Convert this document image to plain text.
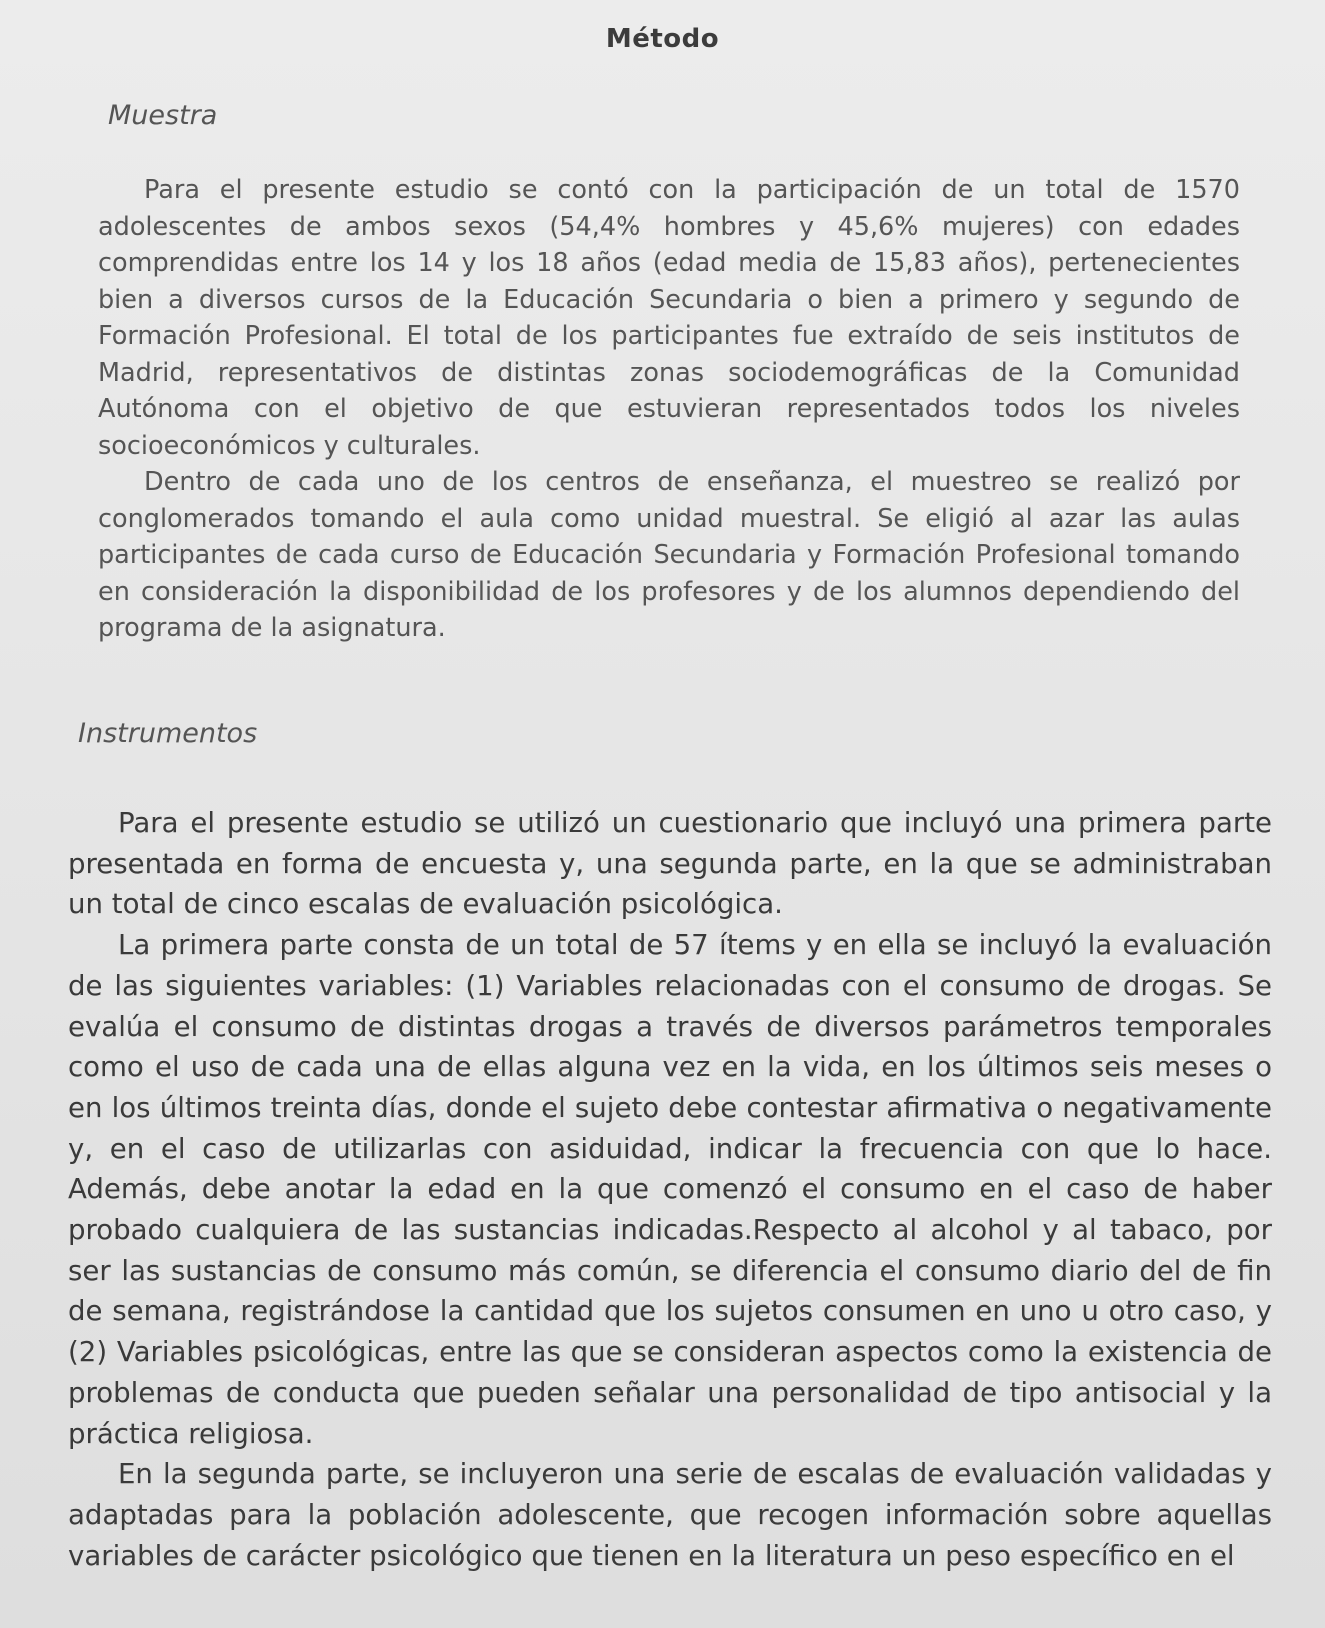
Método
Muestra

Para el presente estudio se contó con la participación de un total de 1570 adolescentes de ambos sexos (54,4% hombres y 45,6% mujeres) con edades comprendidas entre los 14 y los 18 años (edad media de 15,83 años), pertenecientes bien a diversos cursos de la Educación Secundaria o bien a primero y segundo de Formación Profesional. El total de los participantes fue extraído de seis institutos de Madrid, representativos de distintas zonas sociodemográficas de la Comunidad Autónoma con el objetivo de que estuvieran representados todos los niveles socioeconómicos y culturales.

Dentro de cada uno de los centros de enseñanza, el muestreo se realizó por conglomerados tomando el aula como unidad muestral. Se eligió al azar las aulas participantes de cada curso de Educación Secundaria y Formación Profesional tomando en consideración la disponibilidad de los profesores y de los alumnos dependiendo del programa de la asignatura.

Instrumentos

Para el presente estudio se utilizó un cuestionario que incluyó una primera parte presentada en forma de encuesta y, una segunda parte, en la que se administraban un total de cinco escalas de evaluación psicológica.

La primera parte consta de un total de 57 ítems y en ella se incluyó la evaluación de las siguientes variables: (1) Variables relacionadas con el consumo de drogas. Se evalúa el consumo de distintas drogas a través de diversos parámetros temporales como el uso de cada una de ellas alguna vez en la vida, en los últimos seis meses o en los últimos treinta días, donde el sujeto debe contestar afirmativa o negativamente y, en el caso de utilizarlas con asiduidad, indicar la frecuencia con que lo hace. Además, debe anotar la edad en la que comenzó el consumo en el caso de haber probado cualquiera de las sustancias indicadas.Respecto al alcohol y al tabaco, por ser las sustancias de consumo más común, se diferencia el consumo diario del de fin de semana, registrándose la cantidad que los sujetos consumen en uno u otro caso, y (2) Variables psicológicas, entre las que se consideran aspectos como la existencia de problemas de conducta que pueden señalar una personalidad de tipo antisocial y la práctica religiosa.

En la segunda parte, se incluyeron una serie de escalas de evaluación validadas y adaptadas para la población adolescente, que recogen información sobre aquellas variables de carácter psicológico que tienen en la literatura un peso específico en el
